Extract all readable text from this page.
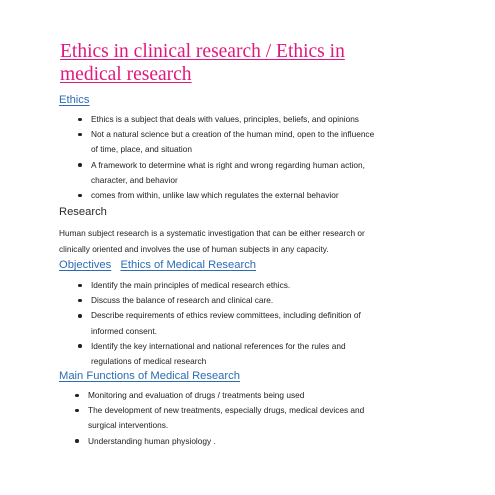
Ethics in clinical research / Ethics in
medical research
Ethics
Ethics is a subject that deals with values, principles, beliefs, and opinions
Not a natural science but a creation of the human mind, open to the influence
of time, place, and situation
A framework to determine what is right and wrong regarding human action,
character, and behavior
comes from within, unlike law which regulates the external behavior
Research
Human subject research is a systematic investigation that can be either research or
clinically oriented and involves the use of human subjects in any capacity.
Objectives Ethics of Medical Research
Identify the main principles of medical research ethics.
Discuss the balance of research and clinical care.
Describe requirements of ethics review committees, including definition of
informed consent.
Identify the key international and national references for the rules and
regulations of medical research
Main Functions of Medical Research
Monitoring and evaluation of drugs / treatments being used
The development of new treatments, especially drugs, medical devices and
surgical interventions.
Understanding human physiology .
